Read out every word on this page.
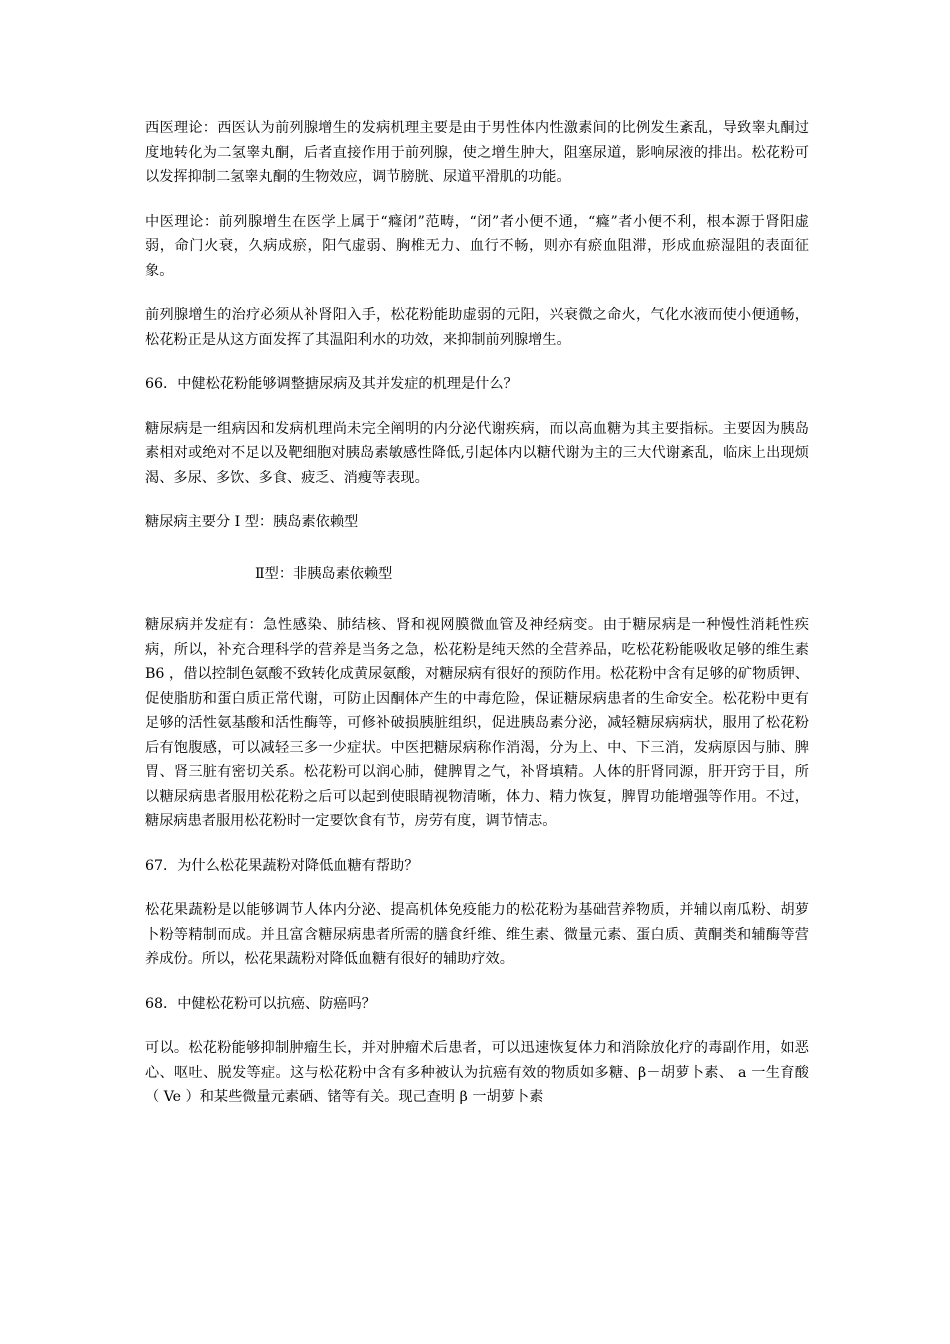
西医理论：西医认为前列腺增生的发病机理主要是由于男性体内性激素间的比例发生紊乱，导致睾丸酮过度地转化为二氢睾丸酮，后者直接作用于前列腺，使之增生肿大，阻塞尿道，影响尿液的排出。松花粉可以发挥抑制二氢睾丸酮的生物效应，调节膀胱、尿道平滑肌的功能。

中医理论：前列腺增生在医学上属于“癃闭”范畴，“闭”者小便不通，“癃”者小便不利，根本源于肾阳虚弱，命门火衰，久病成瘀，阳气虚弱、胸椎无力、血行不畅，则亦有瘀血阻滞，形成血瘀湿阻的表面征象。

前列腺增生的治疗必须从补肾阳入手，松花粉能助虚弱的元阳，兴衰微之命火，气化水液而使小便通畅，松花粉正是从这方面发挥了其温阳利水的功效，来抑制前列腺增生。

66．中健松花粉能够调整搪尿病及其并发症的机理是什么？

糖尿病是一组病因和发病机理尚未完全阐明的内分泌代谢疾病，而以高血糖为其主要指标。主要因为胰岛素相对或绝对不足以及靶细胞对胰岛素敏感性降低,引起体内以糖代谢为主的三大代谢紊乱，临床上出现烦渴、多尿、多饮、多食、疲乏、消瘦等表现。

糖尿病主要分 Ⅰ 型：胰岛素依赖型

Ⅱ型：非胰岛素依赖型

糖尿病并发症有：急性感染、肺结核、肾和视网膜微血管及神经病变。由于糖尿病是一种慢性消耗性疾病，所以，补充合理科学的营养是当务之急，松花粉是纯天然的全营养品，吃松花粉能吸收足够的维生素 B6 ，借以控制色氨酸不致转化成黄尿氨酸，对糖尿病有很好的预防作用。松花粉中含有足够的矿物质钾、促使脂肪和蛋白质正常代谢，可防止因酮体产生的中毒危险，保证糖尿病患者的生命安全。松花粉中更有足够的活性氨基酸和活性酶等，可修补破损胰脏组织，促进胰岛素分泌，减轻糖尿病病状，服用了松花粉后有饱腹感，可以减轻三多一少症状。中医把糖尿病称作消渴，分为上、中、下三消，发病原因与肺、脾胃、肾三脏有密切关系。松花粉可以润心肺，健脾胃之气，补肾填精。人体的肝肾同源，肝开窍于目，所以糖尿病患者服用松花粉之后可以起到使眼睛视物清晰，体力、精力恢复，脾胃功能增强等作用。不过，糖尿病患者服用松花粉时一定要饮食有节，房劳有度，调节情志。

67．为什么松花果蔬粉对降低血糖有帮助？

松花果蔬粉是以能够调节人体内分泌、提高机体免疫能力的松花粉为基础营养物质，并辅以南瓜粉、胡萝卜粉等精制而成。并且富含糖尿病患者所需的膳食纤维、维生素、微量元素、蛋白质、黄酮类和辅酶等营养成份。所以，松花果蔬粉对降低血糖有很好的辅助疗效。

68．中健松花粉可以抗癌、防癌吗？

可以。松花粉能够抑制肿瘤生长，并对肿瘤术后患者，可以迅速恢复体力和消除放化疗的毒副作用，如恶心、呕吐、脱发等症。这与松花粉中含有多种被认为抗癌有效的物质如多糖、β－胡萝卜素、 a 一生育酸（ Ve ）和某些微量元素硒、锗等有关。现己查明 β 一胡萝卜素
